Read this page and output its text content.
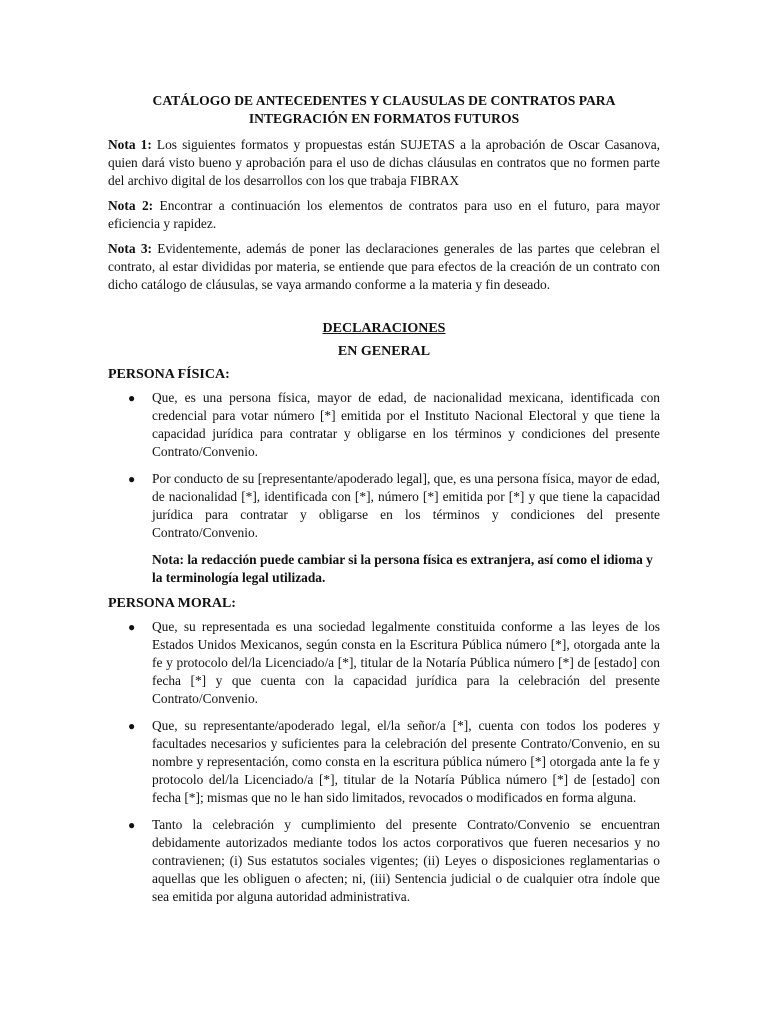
CATÁLOGO DE ANTECEDENTES Y CLAUSULAS DE CONTRATOS PARA
INTEGRACIÓN EN FORMATOS FUTUROS

Nota 1: Los siguientes formatos y propuestas están SUJETAS a la aprobación de Oscar Casanova, quien dará visto bueno y aprobación para el uso de dichas cláusulas en contratos que no formen parte del archivo digital de los desarrollos con los que trabaja FIBRAX

Nota 2: Encontrar a continuación los elementos de contratos para uso en el futuro, para mayor eficiencia y rapidez.

Nota 3: Evidentemente, además de poner las declaraciones generales de las partes que celebran el contrato, al estar divididas por materia, se entiende que para efectos de la creación de un contrato con dicho catálogo de cláusulas, se vaya armando conforme a la materia y fin deseado.

DECLARACIONES
EN GENERAL
PERSONA FÍSICA:
● Que, es una persona física, mayor de edad, de nacionalidad mexicana, identificada con credencial para votar número [*] emitida por el Instituto Nacional Electoral y que tiene la capacidad jurídica para contratar y obligarse en los términos y condiciones del presente Contrato/Convenio.
● Por conducto de su [representante/apoderado legal], que, es una persona física, mayor de edad, de nacionalidad [*], identificada con [*], número [*] emitida por [*] y que tiene la capacidad jurídica para contratar y obligarse en los términos y condiciones del presente Contrato/Convenio.
Nota: la redacción puede cambiar si la persona física es extranjera, así como el idioma y la terminología legal utilizada.
PERSONA MORAL:
● Que, su representada es una sociedad legalmente constituida conforme a las leyes de los Estados Unidos Mexicanos, según consta en la Escritura Pública número [*], otorgada ante la fe y protocolo del/la Licenciado/a [*], titular de la Notaría Pública número [*] de [estado] con fecha [*] y que cuenta con la capacidad jurídica para la celebración del presente Contrato/Convenio.
● Que, su representante/apoderado legal, el/la señor/a [*], cuenta con todos los poderes y facultades necesarios y suficientes para la celebración del presente Contrato/Convenio, en su nombre y representación, como consta en la escritura pública número [*] otorgada ante la fe y protocolo del/la Licenciado/a [*], titular de la Notaría Pública número [*] de [estado] con fecha [*]; mismas que no le han sido limitados, revocados o modificados en forma alguna.
● Tanto la celebración y cumplimiento del presente Contrato/Convenio se encuentran debidamente autorizados mediante todos los actos corporativos que fueren necesarios y no contravienen; (i) Sus estatutos sociales vigentes; (ii) Leyes o disposiciones reglamentarias o aquellas que les obliguen o afecten; ni, (iii) Sentencia judicial o de cualquier otra índole que sea emitida por alguna autoridad administrativa.
